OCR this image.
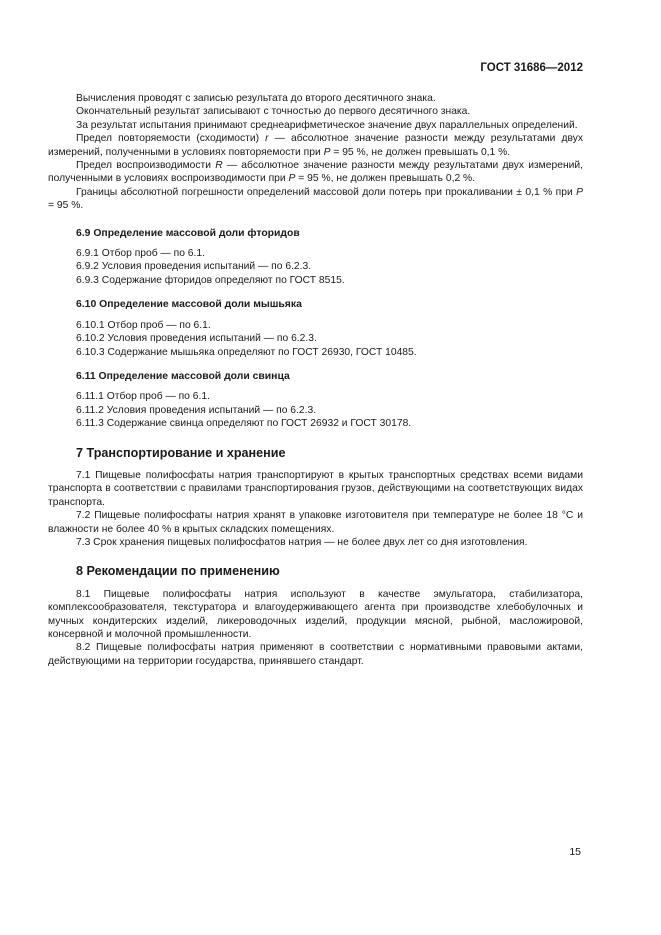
ГОСТ 31686—2012

Вычисления проводят с записью результата до второго десятичного знака.

Окончательный результат записывают с точностью до первого десятичного знака.

За результат испытания принимают среднеарифметическое значение двух параллельных определений.

Предел повторяемости (сходимости) r — абсолютное значение разности между результатами двух измерений, полученными в условиях повторяемости при P = 95 %, не должен превышать 0,1 %.

Предел воспроизводимости R — абсолютное значение разности между результатами двух измерений, полученными в условиях воспроизводимости при P = 95 %, не должен превышать 0,2 %.

Границы абсолютной погрешности определений массовой доли потерь при прокаливании ± 0,1 % при P = 95 %.

6.9 Определение массовой доли фторидов

6.9.1 Отбор проб — по 6.1.

6.9.2 Условия проведения испытаний — по 6.2.3.

6.9.3 Содержание фторидов определяют по ГОСТ 8515.

6.10 Определение массовой доли мышьяка

6.10.1 Отбор проб — по 6.1.

6.10.2 Условия проведения испытаний — по 6.2.3.

6.10.3 Содержание мышьяка определяют по ГОСТ 26930, ГОСТ 10485.

6.11 Определение массовой доли свинца

6.11.1 Отбор проб — по 6.1.

6.11.2 Условия проведения испытаний — по 6.2.3.

6.11.3 Содержание свинца определяют по ГОСТ 26932 и ГОСТ 30178.

7 Транспортирование и хранение

7.1 Пищевые полифосфаты натрия транспортируют в крытых транспортных средствах всеми видами транспорта в соответствии с правилами транспортирования грузов, действующими на соответствующих видах транспорта.

7.2 Пищевые полифосфаты натрия хранят в упаковке изготовителя при температуре не более 18 °С и влажности не более 40 % в крытых складских помещениях.

7.3 Срок хранения пищевых полифосфатов натрия — не более двух лет со дня изготовления.

8 Рекомендации по применению

8.1 Пищевые полифосфаты натрия используют в качестве эмульгатора, стабилизатора, комплексообразователя, текстуратора и влагоудерживающего агента при производстве хлебобулочных и мучных кондитерских изделий, ликероводочных изделий, продукции мясной, рыбной, масложировой, консервной и молочной промышленности.

8.2 Пищевые полифосфаты натрия применяют в соответствии с нормативными правовыми актами, действующими на территории государства, принявшего стандарт.

15
